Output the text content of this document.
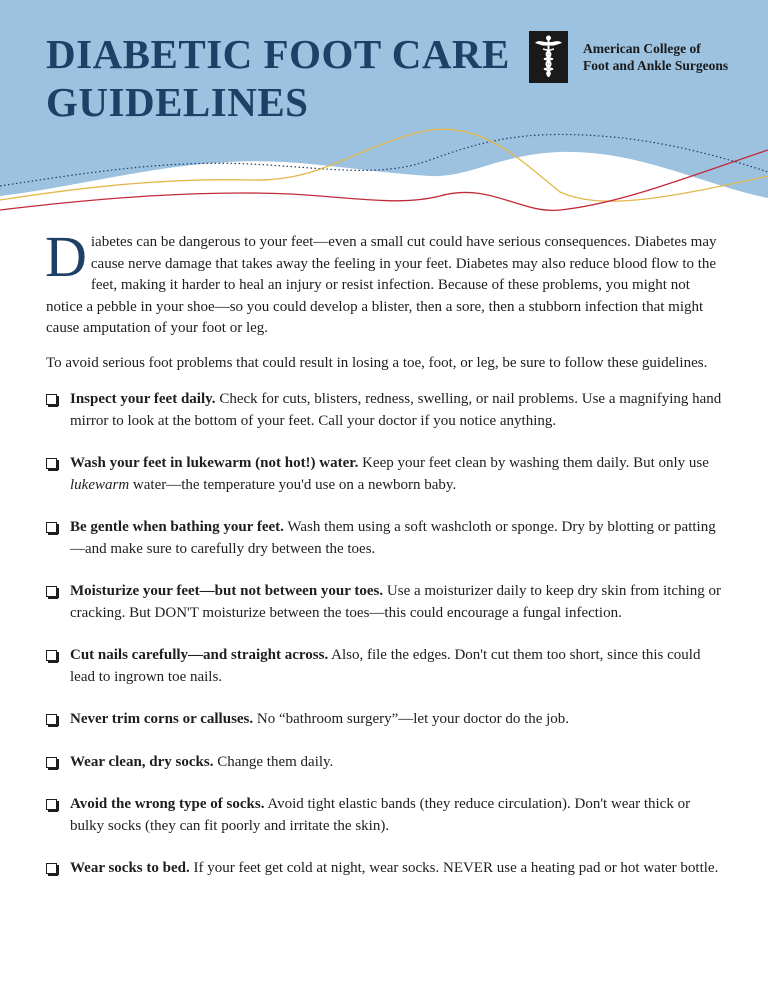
DIABETIC FOOT CARE
GUIDELINES
American College of
Foot and Ankle Surgeons

Diabetes can be dangerous to your feet—even a small cut could have serious consequences. Diabetes may cause nerve damage that takes away the feeling in your feet. Diabetes may also reduce blood flow to the feet, making it harder to heal an injury or resist infection. Because of these problems, you might not notice a pebble in your shoe—so you could develop a blister, then a sore, then a stubborn infection that might cause amputation of your foot or leg.

To avoid serious foot problems that could result in losing a toe, foot, or leg, be sure to follow these guidelines.

Inspect your feet daily. Check for cuts, blisters, redness, swelling, or nail problems. Use a magnifying hand mirror to look at the bottom of your feet. Call your doctor if you notice anything.
Wash your feet in lukewarm (not hot!) water. Keep your feet clean by washing them daily. But only use lukewarm water—the temperature you'd use on a newborn baby.
Be gentle when bathing your feet. Wash them using a soft washcloth or sponge. Dry by blotting or patting—and make sure to carefully dry between the toes.
Moisturize your feet—but not between your toes. Use a moisturizer daily to keep dry skin from itching or cracking. But DON'T moisturize between the toes—this could encourage a fungal infection.
Cut nails carefully—and straight across. Also, file the edges. Don't cut them too short, since this could lead to ingrown toe nails.
Never trim corns or calluses. No “bathroom surgery”—let your doctor do the job.
Wear clean, dry socks. Change them daily.
Avoid the wrong type of socks. Avoid tight elastic bands (they reduce circulation). Don't wear thick or bulky socks (they can fit poorly and irritate the skin).
Wear socks to bed. If your feet get cold at night, wear socks. NEVER use a heating pad or hot water bottle.
